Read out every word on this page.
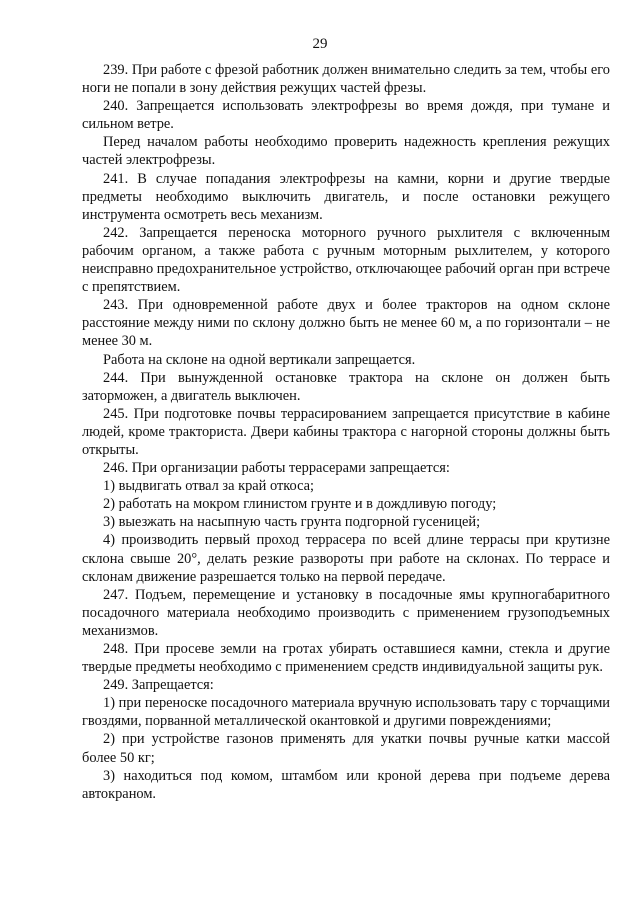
29

239. При работе с фрезой работник должен внимательно следить за тем, чтобы его ноги не попали в зону действия режущих частей фрезы.

240. Запрещается использовать электрофрезы во время дождя, при тумане и сильном ветре.

Перед началом работы необходимо проверить надежность крепления режущих частей электрофрезы.

241. В случае попадания электрофрезы на камни, корни и другие твердые предметы необходимо выключить двигатель, и после остановки режущего инструмента осмотреть весь механизм.

242. Запрещается переноска моторного ручного рыхлителя с включенным рабочим органом, а также работа с ручным моторным рыхлителем, у которого неисправно предохранительное устройство, отключающее рабочий орган при встрече с препятствием.

243. При одновременной работе двух и более тракторов на одном склоне расстояние между ними по склону должно быть не менее 60 м, а по горизонтали – не менее 30 м.

Работа на склоне на одной вертикали запрещается.

244. При вынужденной остановке трактора на склоне он должен быть заторможен, а двигатель выключен.

245. При подготовке почвы террасированием запрещается присутствие в кабине людей, кроме тракториста. Двери кабины трактора с нагорной стороны должны быть открыты.

246. При организации работы террасерами запрещается:

1) выдвигать отвал за край откоса;

2) работать на мокром глинистом грунте и в дождливую погоду;

3) выезжать на насыпную часть грунта подгорной гусеницей;

4) производить первый проход террасера по всей длине террасы при крутизне склона свыше 20°, делать резкие развороты при работе на склонах. По террасе и склонам движение разрешается только на первой передаче.

247. Подъем, перемещение и установку в посадочные ямы крупногабаритного посадочного материала необходимо производить с применением грузоподъемных механизмов.

248. При просеве земли на гротах убирать оставшиеся камни, стекла и другие твердые предметы необходимо с применением средств индивидуальной защиты рук.

249. Запрещается:

1) при переноске посадочного материала вручную использовать тару с торчащими гвоздями, порванной металлической окантовкой и другими повреждениями;

2) при устройстве газонов применять для укатки почвы ручные катки массой более 50 кг;

3) находиться под комом, штамбом или кроной дерева при подъеме дерева автокраном.
